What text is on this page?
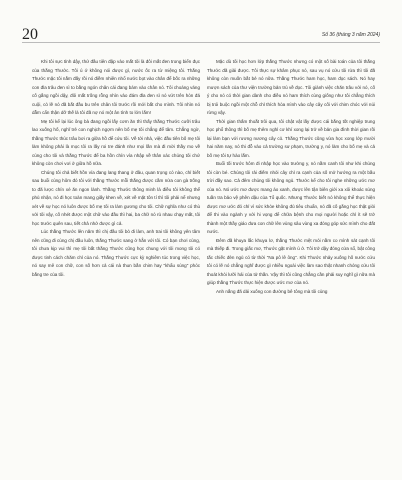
20	Số 36 (tháng 3 năm 2024)

Khi tôi sực tỉnh dậy, thứ đầu tiên đập vào mắt tôi là đôi mắt đen trong biển đục của thằng Thước. Tôi ú ớ không nói được gì, nước ốc ra từ miệng tôi. Thằng Thước mặc tôi nằm đấy rồi nó điềm nhiên nhổ nước bọt vào chân để bốc ra những con đỉa trâu đen sì to bằng ngón chân cái đang bám vào chân nó. Tôi choáng váng cố gắng ngồi dậy, đôi mắt trống rỗng nhìn vào đám đỉa đen sì nó vứt trên hòn đá cuội, cỏ lẽ nó đã bắt đầu bu trên chân tôi trước rồi mới bắt cho mình. Tôi nhìn nó dẫm cẩn thận dỡ thế là tôi đã nợ nó một ân tình to lớn lắm!

Mẹ tôi kể lại lúc ông bà đang ngồi lấy cơm ăn thì thấy thằng Thước cưỡi trâu lao xuống hố, nghĩ trẻ con nghịch ngợm nên bố mẹ tôi chẳng để tâm. Chẳng ngờ, thằng Thước thúc trâu bơi ra giữa hồ để cứu tôi. Về tới nhà, việc đầu tiên bố mẹ tôi làm không phải là mọc tôi ra lấy roi tre đánh như mọi lần mà đi mời thầy mo về cúng cho tôi và thằng Thước để ba hồn chín vía nhập về thân xác chúng tôi chứ không còn chơi vơi ở giữa hồ nữa.

Chúng tôi chả biết hồn vía đang lang thang ở đâu, quan trọng có nào, chỉ biết sau buổi cúng hôm đó tôi với thằng Thước mỗi thằng được cầm nửa con gà trống to đã lược chín xé ăn ngon lành. Thằng Thước thông minh là điều tôi không thể phủ nhận, nó đi học toàn mang giấy khen về, xét về mặt tôn tí thì tôi phải nể nhưng xét về sự học nó luôn được bố mẹ tôi ra làm gương cho tôi. Chữ nghĩa như có thù với tôi vậy, cố nhét được một chữ vào đầu thì hai, ba chữ nó rủ nhau chạy mất, tôi học trước quên sau, tiết chả nhớ được gì cả.

Lúc thằng Thước lên năm thì chị đầu tôi bỏ đi làm, anh trai tôi không yên tâm nên cũng đi cùng chị đầu luôn, thằng Thước sang ở hẳn với tôi. Có bạn chơi cùng, tôi chưa kịp vui thì mẹ tôi bắt thằng Thước cũng học chung với tôi mong tôi có được tinh cách chăm chỉ của nó. Thằng Thước cực kỳ nghiêm túc trong việc học, nó say mê con chữ, con số hơn cả cái nà thun bắn chim hay "khẩu súng" phóc bằng tre của tôi.

Mặc dù tôi học hơn lớp thằng Thước nhưng có một số bài toán của tôi thằng Thước đã giải được. Tôi thực sự khâm phục nó, sau vụ nó cứu tôi rửa thì tôi đã không còn muốn bắt bẻ nó nữa. Thằng Thước ham học, ham đọc sách. Nó hay mượn sách của thư viện trường bản trú về đọc. Tôi giành việc chăn trâu với nó, cố ý cho nó có thời gian dành cho điều nó ham thích cùng giống như tôi chẳng thích bị trói buộc ngồi một chỗ chỉ thích hòa mình vào cây cây cối với chim chóc với núi rừng vậy.

Thời gian thấm thoắt trôi qua, tôi chật vật lấy được cái bằng tốt nghiệp trung học phổ thông thì bố mẹ thêm nghỉ cơ khí xong lại trở về bản gia đình thời gian rồi lại làm bạn với rương nương cây cỏ. Thằng Thước cũng vừa học xong lớp mười hai năm nay, nó thi đỗ vào cả trường sư phạm, trường y, nó làm cho bố mẹ và cả bố mẹ tôi tự hào lắm.

Buổi tối trước hôm đi nhập học vào trường y, nó nằm canh tôi như khi chúng tôi còn bé. Chúng tôi rải điếm nhỏi cây chỉ ra cạnh của số mở hướng ra một bầu trời đầy sao. Cả đêm chúng tôi không ngủ. Thước kể cho tôi nghe những ước mơ của nó. Nó ước mơ được mang áo xanh, được lên tận biên giới xa xôi khoác súng tuần tra bảo vệ phên dậu của Tổ quốc. Nhưng Thước biết nó không thể thực hiện được mơ ước đó chỉ vì sức khỏe không đủ tiêu chuẩn, nó đã cố gắng học thật giỏi để thi vào ngành y với hi vọng để chữa bệnh cho mọi người hoặc chỉ ít sẽ trở thành một thầy giáo đưa con chữ lên vùng sâu vùng xa đóng góp sức mình cho đất nước.

Đêm đã khuya lắc khuya lơ, thằng Thước mệt mỏi nằm co mình sát cạnh tôi mà thiếp đi. Trong giấc mơ, Thước gặt mình ú ớ. Tôi trở dậy đóng cửa sổ, bật công tắc chiếc đèn ngủ có từ thời "Na pô lê ông". Khi Thước nhảy xuống hố nước cứu tôi có lẽ nó chẳng nghĩ được gì nhiều ngoài việc làm sao thật nhanh chóng cứu tôi thoát khỏi lưỡi hái của tử thần. Vậy thì tôi cũng chẳng cần phải suy nghĩ gì nữa mà giúp thằng Thước thực hiện được ước mơ của nó.

Anh nắng đã dải xuống con đường bê tông mà tôi cùng
